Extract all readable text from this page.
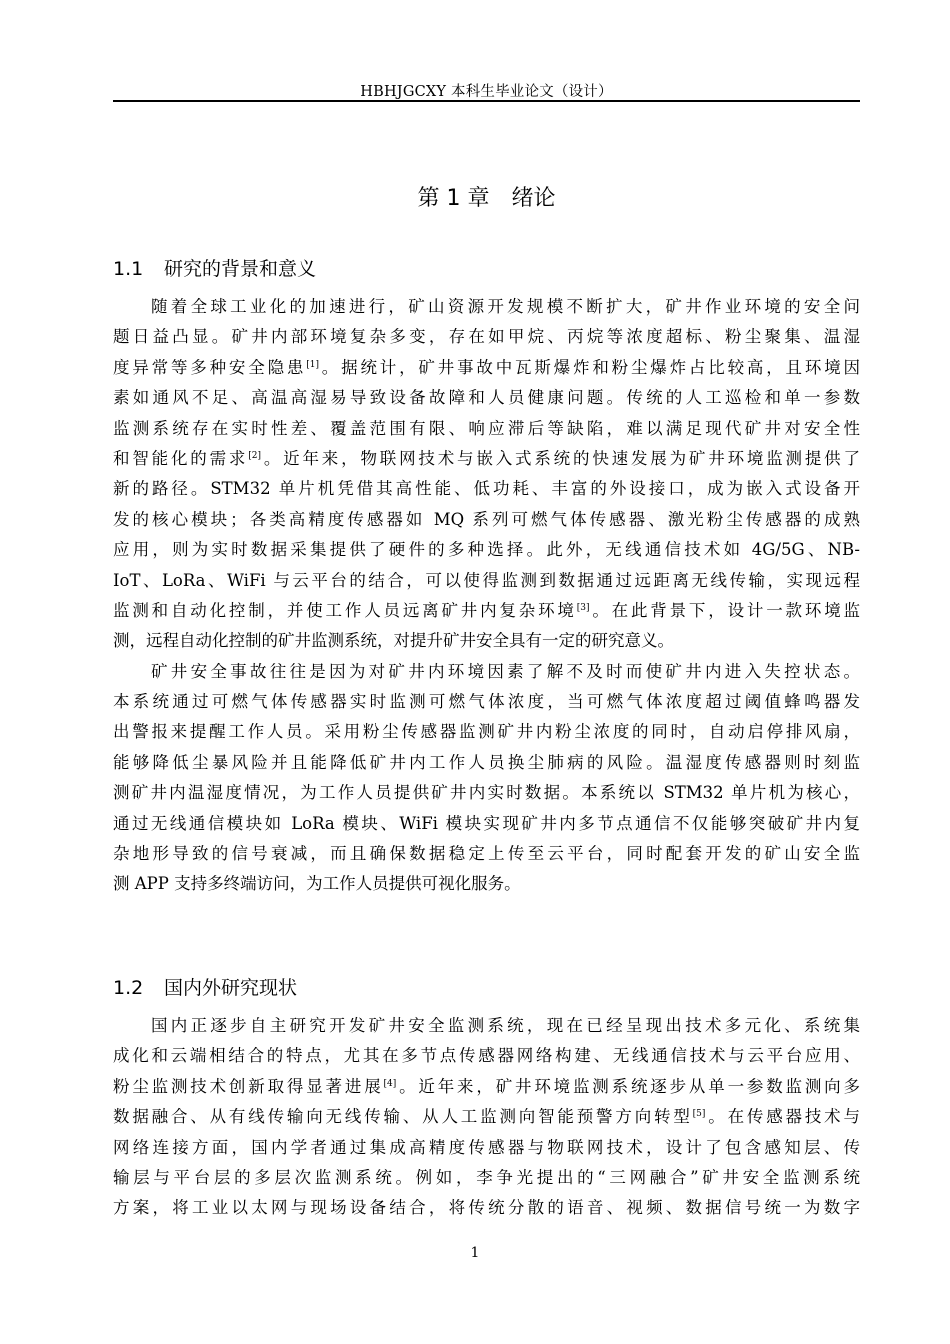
HBHJGCXY 本科生毕业论文（设计）
第 1 章 绪论
1.1 研究的背景和意义
随着全球工业化的加速进行，矿山资源开发规模不断扩大，矿井作业环境的安全问
题日益凸显。矿井内部环境复杂多变，存在如甲烷、丙烷等浓度超标、粉尘聚集、温湿
度异常等多种安全隐患[1]。据统计，矿井事故中瓦斯爆炸和粉尘爆炸占比较高，且环境因
素如通风不足、高温高湿易导致设备故障和人员健康问题。传统的人工巡检和单一参数
监测系统存在实时性差、覆盖范围有限、响应滞后等缺陷，难以满足现代矿井对安全性
和智能化的需求[2]。近年来，物联网技术与嵌入式系统的快速发展为矿井环境监测提供了
新的路径。STM32 单片机凭借其高性能、低功耗、丰富的外设接口，成为嵌入式设备开
发的核心模块；各类高精度传感器如 MQ 系列可燃气体传感器、激光粉尘传感器的成熟
应用，则为实时数据采集提供了硬件的多种选择。此外，无线通信技术如 4G/5G、NB-
IoT、LoRa、WiFi 与云平台的结合，可以使得监测到数据通过远距离无线传输，实现远程
监测和自动化控制，并使工作人员远离矿井内复杂环境[3]。在此背景下，设计一款环境监
测，远程自动化控制的矿井监测系统，对提升矿井安全具有一定的研究意义。
矿井安全事故往往是因为对矿井内环境因素了解不及时而使矿井内进入失控状态。
本系统通过可燃气体传感器实时监测可燃气体浓度，当可燃气体浓度超过阈值蜂鸣器发
出警报来提醒工作人员。采用粉尘传感器监测矿井内粉尘浓度的同时，自动启停排风扇，
能够降低尘暴风险并且能降低矿井内工作人员换尘肺病的风险。温湿度传感器则时刻监
测矿井内温湿度情况，为工作人员提供矿井内实时数据。本系统以 STM32 单片机为核心，
通过无线通信模块如 LoRa 模块、WiFi 模块实现矿井内多节点通信不仅能够突破矿井内复
杂地形导致的信号衰减，而且确保数据稳定上传至云平台，同时配套开发的矿山安全监
测 APP 支持多终端访问，为工作人员提供可视化服务。
1.2 国内外研究现状
国内正逐步自主研究开发矿井安全监测系统，现在已经呈现出技术多元化、系统集
成化和云端相结合的特点，尤其在多节点传感器网络构建、无线通信技术与云平台应用、
粉尘监测技术创新取得显著进展[4]。近年来，矿井环境监测系统逐步从单一参数监测向多
数据融合、从有线传输向无线传输、从人工监测向智能预警方向转型[5]。在传感器技术与
网络连接方面，国内学者通过集成高精度传感器与物联网技术，设计了包含感知层、传
输层与平台层的多层次监测系统。例如，李争光提出的“三网融合”矿井安全监测系统
方案，将工业以太网与现场设备结合，将传统分散的语音、视频、数据信号统一为数字
1
